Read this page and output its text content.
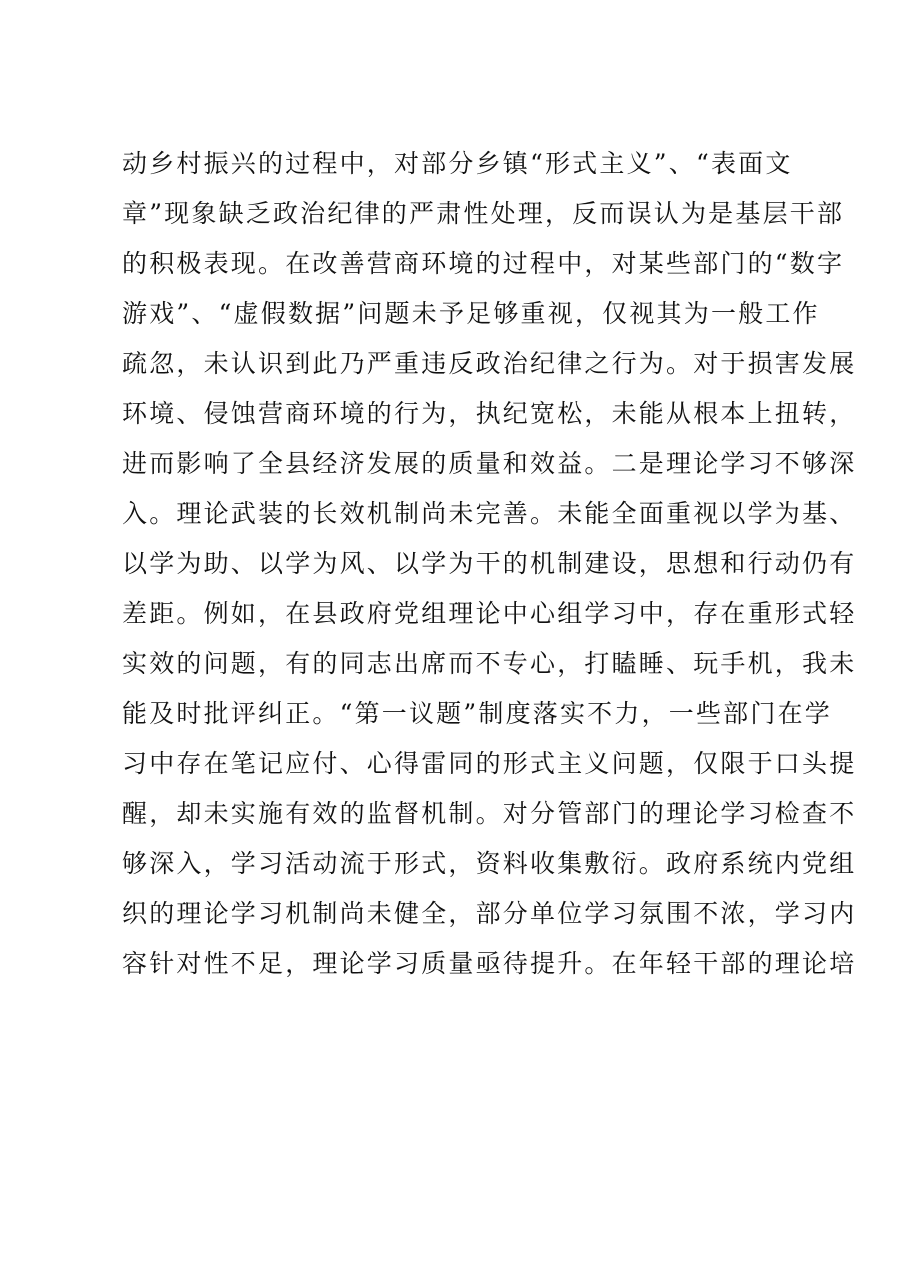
动乡村振兴的过程中，对部分乡镇“形式主义”、“表面文
章”现象缺乏政治纪律的严肃性处理，反而误认为是基层干部
的积极表现。在改善营商环境的过程中，对某些部门的“数字
游戏”、“虚假数据”问题未予足够重视，仅视其为一般工作
疏忽，未认识到此乃严重违反政治纪律之行为。对于损害发展
环境、侵蚀营商环境的行为，执纪宽松，未能从根本上扭转，
进而影响了全县经济发展的质量和效益。二是理论学习不够深
入。理论武装的长效机制尚未完善。未能全面重视以学为基、
以学为助、以学为风、以学为干的机制建设，思想和行动仍有
差距。例如，在县政府党组理论中心组学习中，存在重形式轻
实效的问题，有的同志出席而不专心，打瞌睡、玩手机，我未
能及时批评纠正。“第一议题”制度落实不力，一些部门在学
习中存在笔记应付、心得雷同的形式主义问题，仅限于口头提
醒，却未实施有效的监督机制。对分管部门的理论学习检查不
够深入，学习活动流于形式，资料收集敷衍。政府系统内党组
织的理论学习机制尚未健全，部分单位学习氛围不浓，学习内
容针对性不足，理论学习质量亟待提升。在年轻干部的理论培
